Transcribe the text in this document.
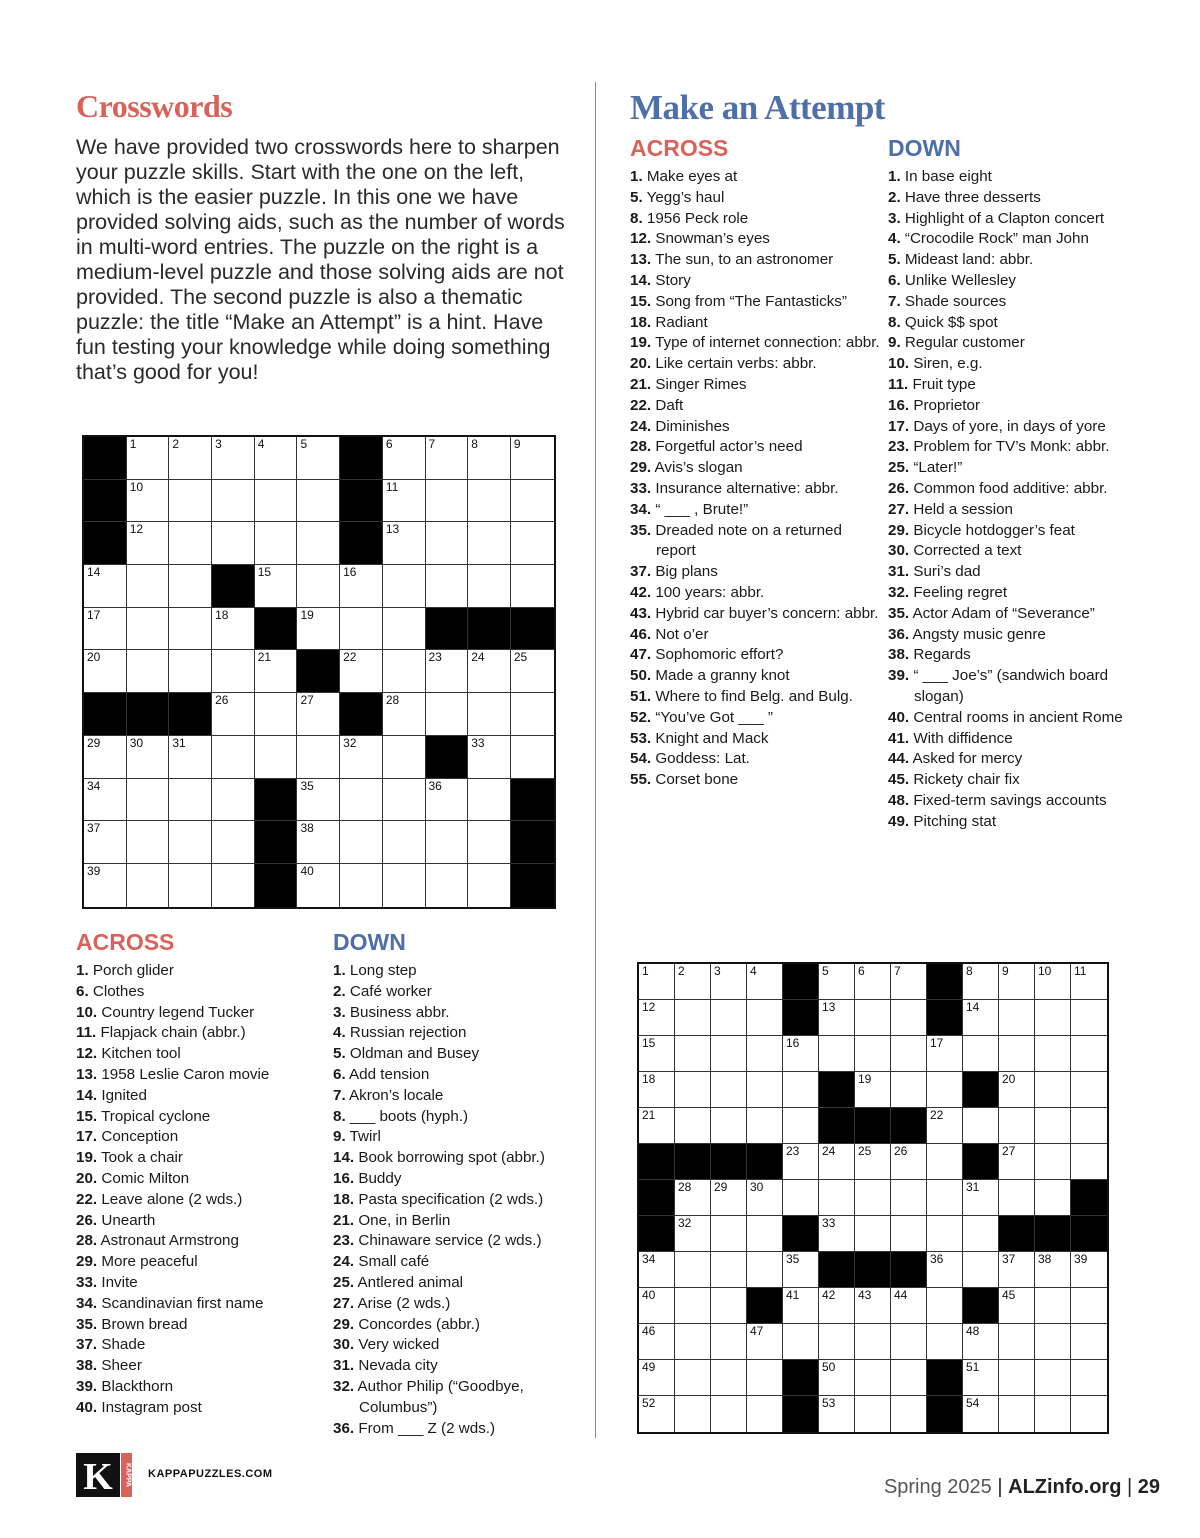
Crosswords

We have provided two crosswords here to sharpen your puzzle skills. Start with the one on the left, which is the easier puzzle. In this one we have provided solving aids, such as the number of words in multi-word entries. The puzzle on the right is a medium-level puzzle and those solving aids are not provided. The second puzzle is also a thematic puzzle: the title “Make an Attempt” is a hint. Have fun testing your knowledge while doing something that’s good for you!

1	2	3	4	5	6	7	8	9
10	11
12	13
14	15	16
17	18	19
20	21	22	23 24 25
26	27	28
29 30 31	32	33
34	35	36
37	38
39	40
ACROSS
1. Porch glider
6. Clothes
10. Country legend Tucker
11. Flapjack chain (abbr.)
12. Kitchen tool
13. 1958 Leslie Caron movie
14. Ignited
15. Tropical cyclone
17. Conception
19. Took a chair
20. Comic Milton
22. Leave alone (2 wds.)
26. Unearth
28. Astronaut Armstrong
29. More peaceful
33. Invite
34. Scandinavian first name
35. Brown bread
37. Shade
38. Sheer
39. Blackthorn
40. Instagram post
DOWN
1. Long step
2. Café worker
3. Business abbr.
4. Russian rejection
5. Oldman and Busey
6. Add tension
7. Akron’s locale
8. ___ boots (hyph.)
9. Twirl
14. Book borrowing spot (abbr.)
16. Buddy
18. Pasta specification (2 wds.)
21. One, in Berlin
23. Chinaware service (2 wds.)
24. Small café
25. Antlered animal
27. Arise (2 wds.)
29. Concordes (abbr.)
30. Very wicked
31. Nevada city
32. Author Philip (“Goodbye, Columbus”)
36. From ___ Z (2 wds.)
Make an Attempt
ACROSS
1. Make eyes at
5. Yegg’s haul
8. 1956 Peck role
12. Snowman’s eyes
13. The sun, to an astronomer
14. Story
15. Song from “The Fantasticks”
18. Radiant
19. Type of internet connection: abbr.
20. Like certain verbs: abbr.
21. Singer Rimes
22. Daft
24. Diminishes
28. Forgetful actor’s need
29. Avis’s slogan
33. Insurance alternative: abbr.
34. “ ___ , Brute!”
35. Dreaded note on a returned report
37. Big plans
42. 100 years: abbr.
43. Hybrid car buyer’s concern: abbr.
46. Not o’er
47. Sophomoric effort?
50. Made a granny knot
51. Where to find Belg. and Bulg.
52. “You’ve Got ___ ”
53. Knight and Mack
54. Goddess: Lat.
55. Corset bone
DOWN
1. In base eight
2. Have three desserts
3. Highlight of a Clapton concert
4. “Crocodile Rock” man John
5. Mideast land: abbr.
6. Unlike Wellesley
7. Shade sources
8. Quick $$ spot
9. Regular customer
10. Siren, e.g.
11. Fruit type
16. Proprietor
17. Days of yore, in days of yore
23. Problem for TV’s Monk: abbr.
25. “Later!”
26. Common food additive: abbr.
27. Held a session
29. Bicycle hotdogger’s feat
30. Corrected a text
31. Suri’s dad
32. Feeling regret
35. Actor Adam of “Severance”
36. Angsty music genre
38. Regards
39. “ ___ Joe’s” (sandwich board slogan)
40. Central rooms in ancient Rome
41. With diffidence
44. Asked for mercy
45. Rickety chair fix
48. Fixed-term savings accounts
49. Pitching stat
1 2 3 4	5 6 7	8 9 10 11
12	13	14
15	16	17
18	19	20
21	22
23 24 25 26	27
28 29 30	31
32	33
34	35	36	37 38 39
40	41 42 43 44	45
46	47	48
49	50	51
52	53	54
K KAPPA KAPPAPUZZLES.COM

Spring 2025 | ALZinfo.org | 29
